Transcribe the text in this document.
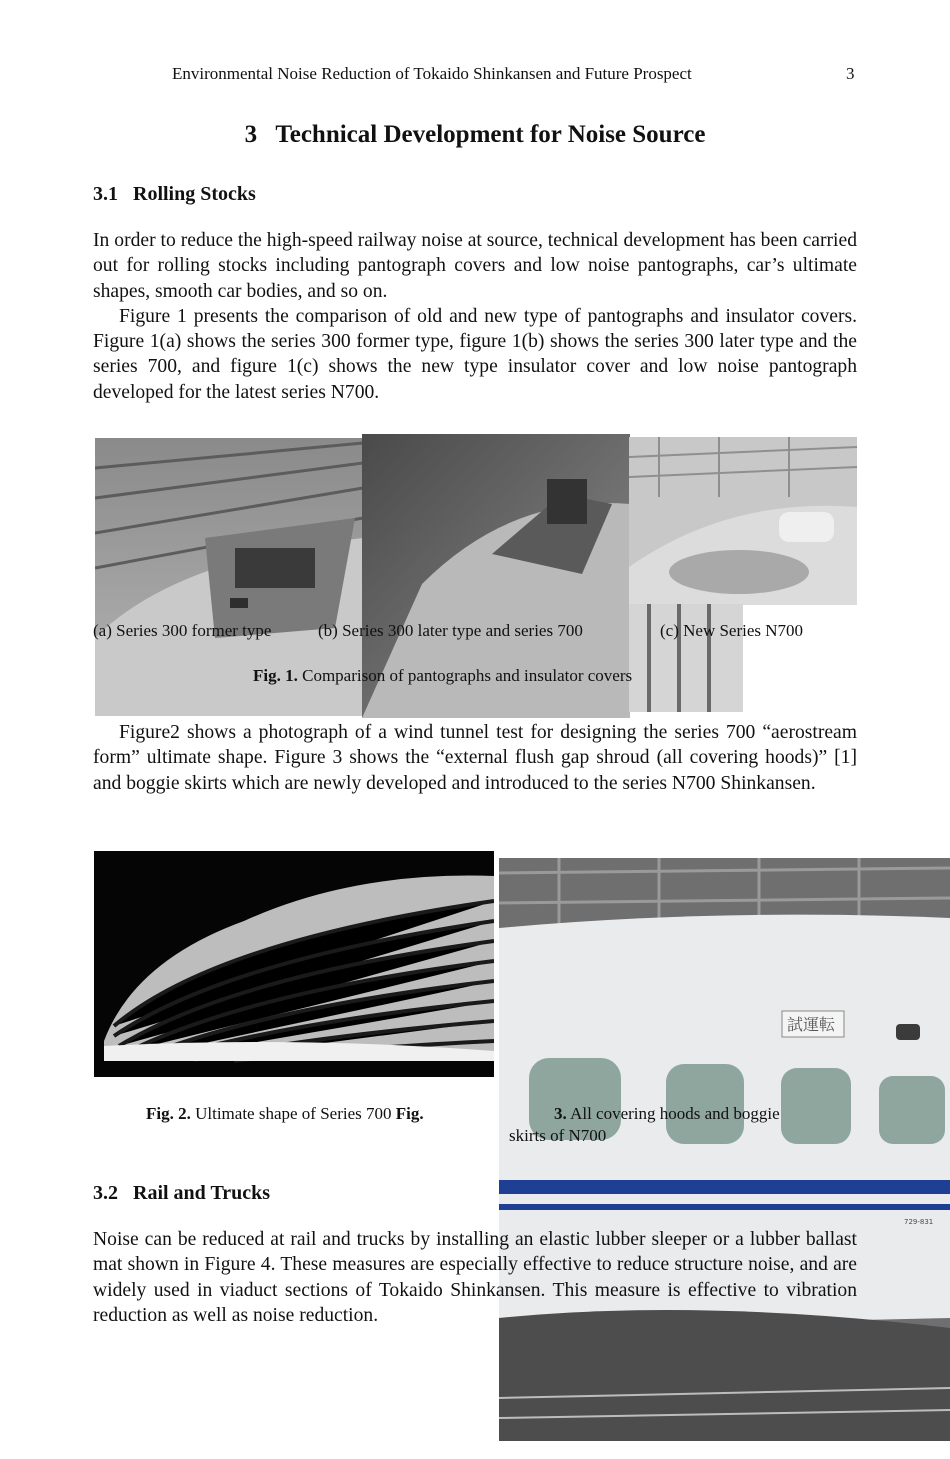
Environmental Noise Reduction of Tokaido Shinkansen and Future Prospect	3
3   Technical Development for Noise Source
3.1   Rolling Stocks

In order to reduce the high-speed railway noise at source, technical development has been carried out for rolling stocks including pantograph covers and low noise pantographs, car’s ultimate shapes, smooth car bodies, and so on.

Figure 1 presents the comparison of old and new type of pantographs and insulator covers. Figure 1(a) shows the series 300 former type, figure 1(b) shows the series 300 later type and the series 700, and figure 1(c) shows the new type insulator cover and low noise pantograph developed for the latest series N700.

(a) Series 300 former type	(b) Series 300 later type and series 700	(c) New Series N700
Fig. 1. Comparison of pantographs and insulator covers

Figure2 shows a photograph of a wind tunnel test for designing the series 700 “aerostream form” ultimate shape. Figure 3 shows the “external flush gap shroud (all covering hoods)” [1] and boggie skirts which are newly developed and introduced to the series N700 Shinkansen.

試運転
729-831
Fig. 2. Ultimate shape of Series 700 Fig.	3. All covering hoods and boggie
skirts of N700
3.2   Rail and Trucks

Noise can be reduced at rail and trucks by installing an elastic lubber sleeper or a lubber ballast mat shown in Figure 4. These measures are especially effective to reduce structure noise, and are widely used in viaduct sections of Tokaido Shinkansen. This measure is effective to vibration reduction as well as noise reduction.
